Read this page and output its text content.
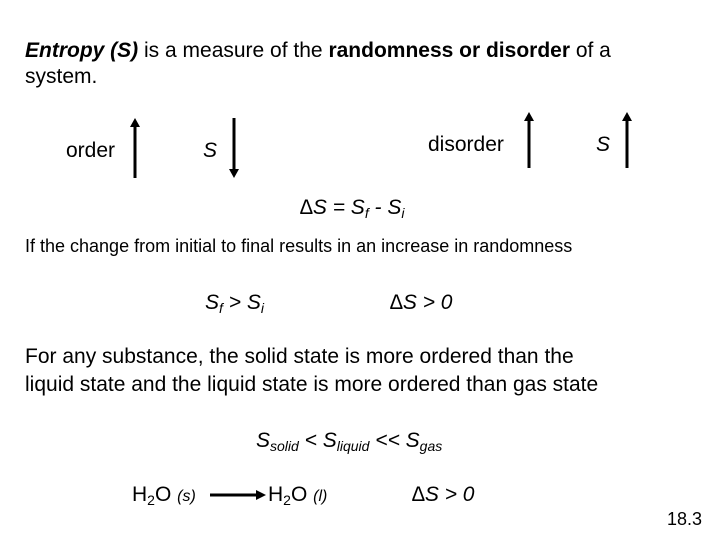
Entropy (S) is a measure of the randomness or disorder of a
system.
order	S	disorder	S
$\Delta S = S_f - S_i$
If the change from initial to final results in an increase in randomness
$S_f > S_i$	∆S > 0
For any substance, the solid state is more ordered than the
liquid state and the liquid state is more ordered than gas state
$S_{solid} < S_{liquid} << S_{gas}$
$H_2O$ $(s) \to H_2O$ (l)	∆S > 0
18.3
